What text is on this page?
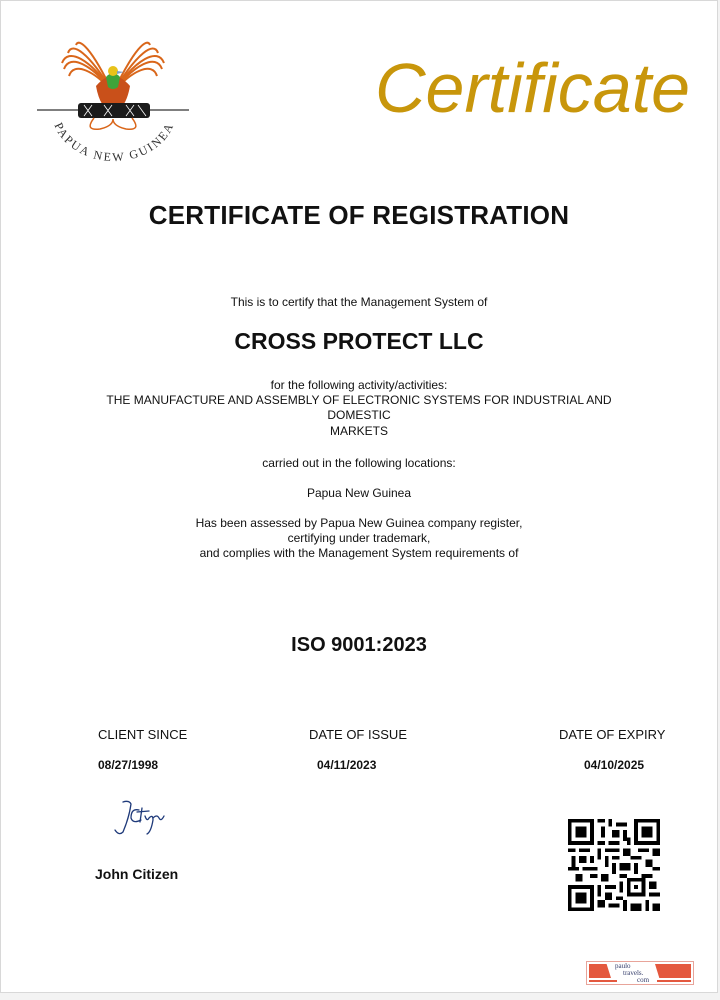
PAPUA NEW GUINEA
Certificate
CERTIFICATE OF REGISTRATION
This is to certify that the Management System of
CROSS PROTECT LLC
for the following activity/activities:
THE MANUFACTURE AND ASSEMBLY OF ELECTRONIC SYSTEMS FOR INDUSTRIAL AND
DOMESTIC
MARKETS
carried out in the following locations:
Papua New Guinea
Has been assessed by Papua New Guinea company register,
certifying under trademark,
and complies with the Management System requirements of
ISO 9001:2023
CLIENT SINCE	DATE OF ISSUE	DATE OF EXPIRY
08/27/1998	04/11/2023	04/10/2025
John Citizen
paulo
travels.
com
